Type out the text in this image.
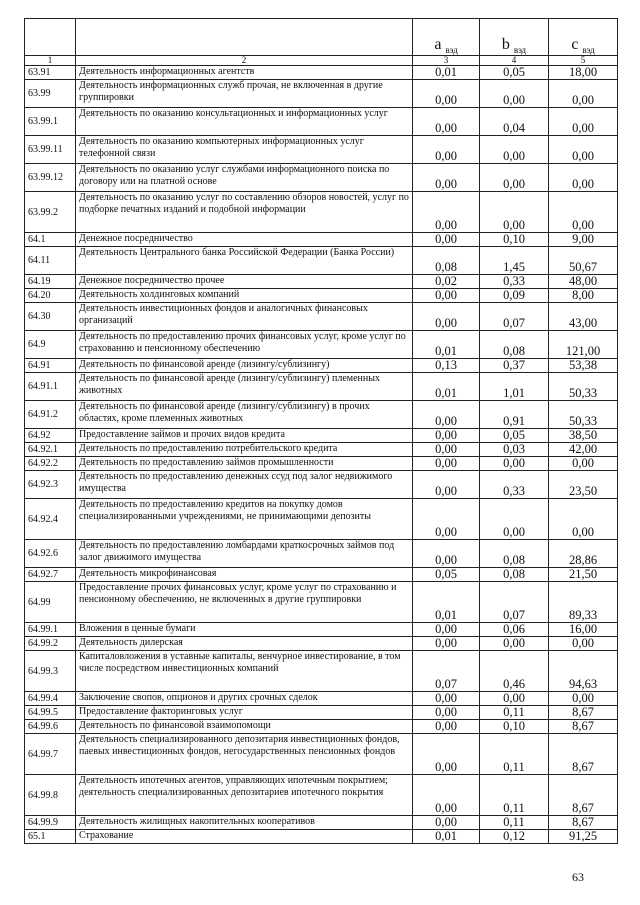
		a $_{вэд}$	b $_{вэд}$	c $_{вэд}$
1	2	3	4	5
63.91	Деятельность информационных агентств	0,01	0,05	18,00
63.99	Деятельность информационных служб прочая, не включенная в другие группировки	0,00	0,00	0,00
63.99.1	Деятельность по оказанию консультационных и информационных услуг	0,00	0,04	0,00
63.99.11	Деятельность по оказанию компьютерных информационных услуг телефонной связи	0,00	0,00	0,00
63.99.12	Деятельность по оказанию услуг службами информационного поиска по договору или на платной основе	0,00	0,00	0,00
63.99.2	Деятельность по оказанию услуг по составлению обзоров новостей, услуг по подборке печатных изданий и подобной информации	0,00	0,00	0,00
64.1	Денежное посредничество	0,00	0,10	9,00
64.11	Деятельность Центрального банка Российской Федерации (Банка России)	0,08	1,45	50,67
64.19	Денежное посредничество прочее	0,02	0,33	48,00
64.20	Деятельность холдинговых компаний	0,00	0,09	8,00
64.30	Деятельность инвестиционных фондов и аналогичных финансовых организаций	0,00	0,07	43,00
64.9	Деятельность по предоставлению прочих финансовых услуг, кроме услуг по страхованию и пенсионному обеспечению	0,01	0,08	121,00
64.91	Деятельность по финансовой аренде (лизингу/сублизингу)	0,13	0,37	53,38
64.91.1	Деятельность по финансовой аренде (лизингу/сублизингу) племенных животных	0,01	1,01	50,33
64.91.2	Деятельность по финансовой аренде (лизингу/сублизингу) в прочих областях, кроме племенных животных	0,00	0,91	50,33
64.92	Предоставление займов и прочих видов кредита	0,00	0,05	38,50
64.92.1	Деятельность по предоставлению потребительского кредита	0,00	0,03	42,00
64.92.2	Деятельность по предоставлению займов промышленности	0,00	0,00	0,00
64.92.3	Деятельность по предоставлению денежных ссуд под залог недвижимого имущества	0,00	0,33	23,50
64.92.4	Деятельность по предоставлению кредитов на покупку домов специализированными учреждениями, не принимающими депозиты	0,00	0,00	0,00
64.92.6	Деятельность по предоставлению ломбардами краткосрочных займов под залог движимого имущества	0,00	0,08	28,86
64.92.7	Деятельность микрофинансовая	0,05	0,08	21,50
64.99	Предоставление прочих финансовых услуг, кроме услуг по страхованию и пенсионному обеспечению, не включенных в другие группировки	0,01	0,07	89,33
64.99.1	Вложения в ценные бумаги	0,00	0,06	16,00
64.99.2	Деятельность дилерская	0,00	0,00	0,00
64.99.3	Капиталовложения в уставные капиталы, венчурное инвестирование, в том числе посредством инвестиционных компаний	0,07	0,46	94,63
64.99.4	Заключение свопов, опционов и других срочных сделок	0,00	0,00	0,00
64.99.5	Предоставление факторинговых услуг	0,00	0,11	8,67
64.99.6	Деятельность по финансовой взаимопомощи	0,00	0,10	8,67
64.99.7	Деятельность специализированного депозитария инвестиционных фондов, паевых инвестиционных фондов, негосударственных пенсионных фондов	0,00	0,11	8,67
64.99.8	Деятельность ипотечных агентов, управляющих ипотечным покрытием; деятельность специализированных депозитариев ипотечного покрытия	0,00	0,11	8,67
64.99.9	Деятельность жилищных накопительных кооперативов	0,00	0,11	8,67
65.1	Страхование	0,01	0,12	91,25
63
